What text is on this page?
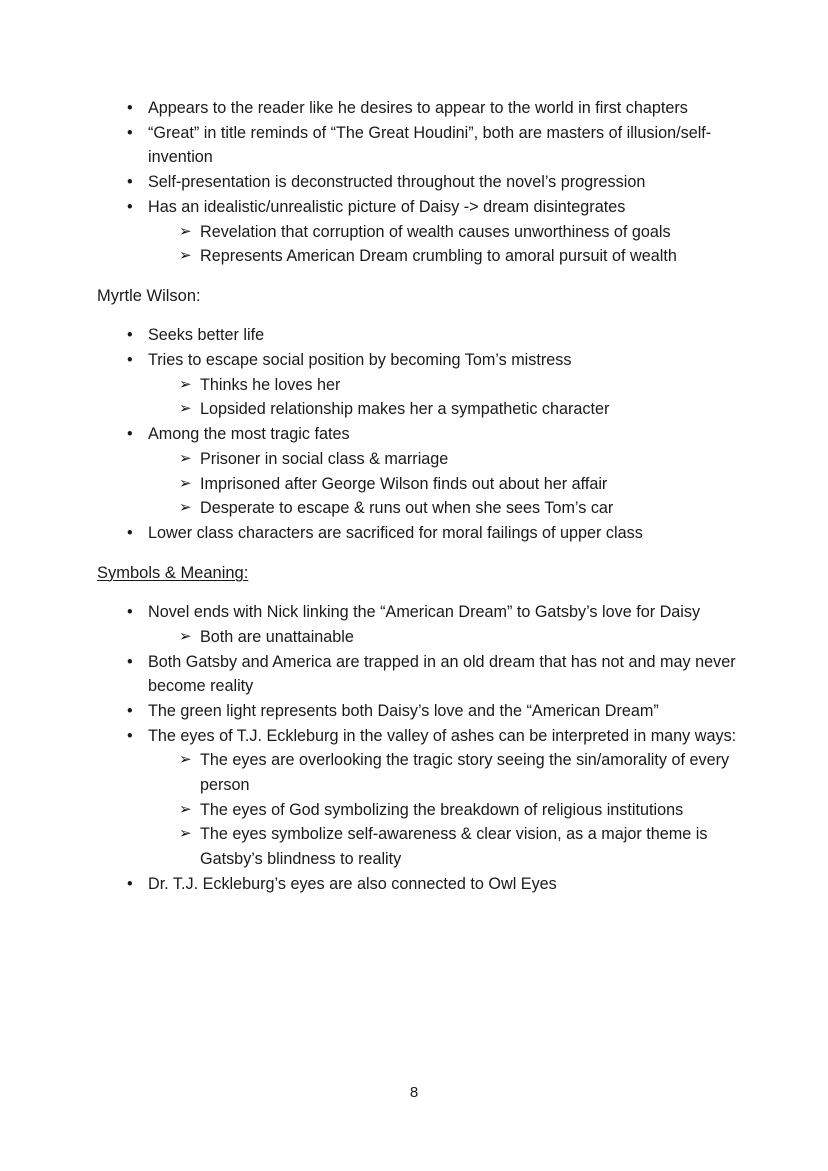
•
Appears to the reader like he desires to appear to the world in first chapters
•
“Great” in title reminds of “The Great Houdini”, both are masters of illusion/self-invention
•
Self-presentation is deconstructed throughout the novel’s progression
•
Has an idealistic/unrealistic picture of Daisy -> dream disintegrates
➢
Revelation that corruption of wealth causes unworthiness of goals
➢
Represents American Dream crumbling to amoral pursuit of wealth
Myrtle Wilson:
•
Seeks better life
•
Tries to escape social position by becoming Tom’s mistress
➢
Thinks he loves her
➢
Lopsided relationship makes her a sympathetic character
•
Among the most tragic fates
➢
Prisoner in social class & marriage
➢
Imprisoned after George Wilson finds out about her affair
➢
Desperate to escape & runs out when she sees Tom’s car
•
Lower class characters are sacrificed for moral failings of upper class
Symbols & Meaning:
•
Novel ends with Nick linking the “American Dream” to Gatsby’s love for Daisy
➢
Both are unattainable
•
Both Gatsby and America are trapped in an old dream that has not and may never become reality
•
The green light represents both Daisy’s love and the “American Dream”
•
The eyes of T.J. Eckleburg in the valley of ashes can be interpreted in many ways:
➢
The eyes are overlooking the tragic story seeing the sin/amorality of every person
➢
The eyes of God symbolizing the breakdown of religious institutions
➢
The eyes symbolize self-awareness & clear vision, as a major theme is Gatsby’s blindness to reality
•
Dr. T.J. Eckleburg’s eyes are also connected to Owl Eyes
8
